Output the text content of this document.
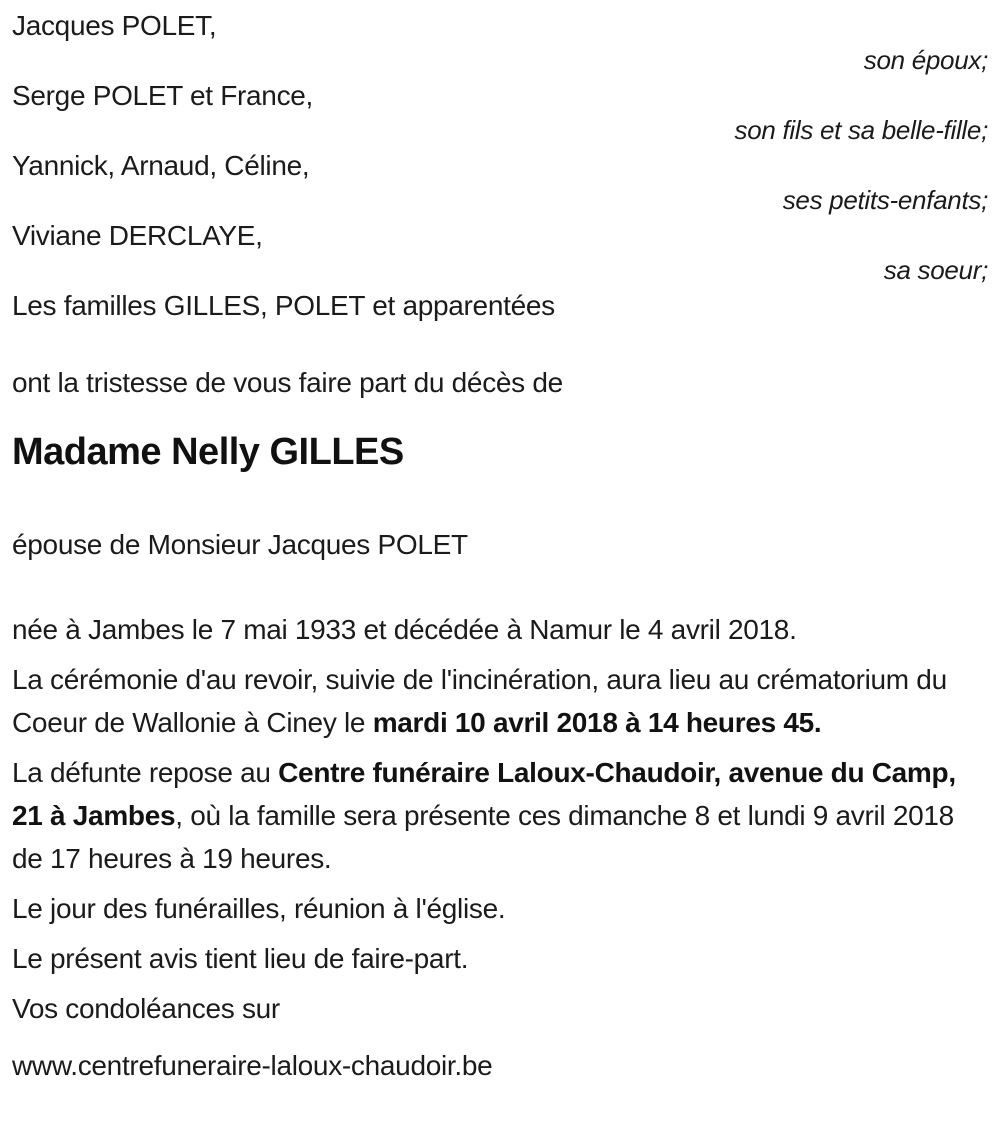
Jacques POLET,

son époux;

Serge POLET et France,

son fils et sa belle-fille;

Yannick, Arnaud, Céline,

ses petits-enfants;

Viviane DERCLAYE,

sa soeur;

Les familles GILLES, POLET et apparentées

ont la tristesse de vous faire part du décès de

Madame Nelly GILLES

épouse de Monsieur Jacques POLET

née à Jambes le 7 mai 1933 et décédée à Namur le 4 avril 2018.

La cérémonie d'au revoir, suivie de l'incinération, aura lieu au crématorium du Coeur de Wallonie à Ciney le mardi 10 avril 2018 à 14 heures 45.

La défunte repose au Centre funéraire Laloux-Chaudoir, avenue du Camp, 21 à Jambes, où la famille sera présente ces dimanche 8 et lundi 9 avril 2018 de 17 heures à 19 heures.

Le jour des funérailles, réunion à l'église.

Le présent avis tient lieu de faire-part.

Vos condoléances sur

www.centrefuneraire-laloux-chaudoir.be
